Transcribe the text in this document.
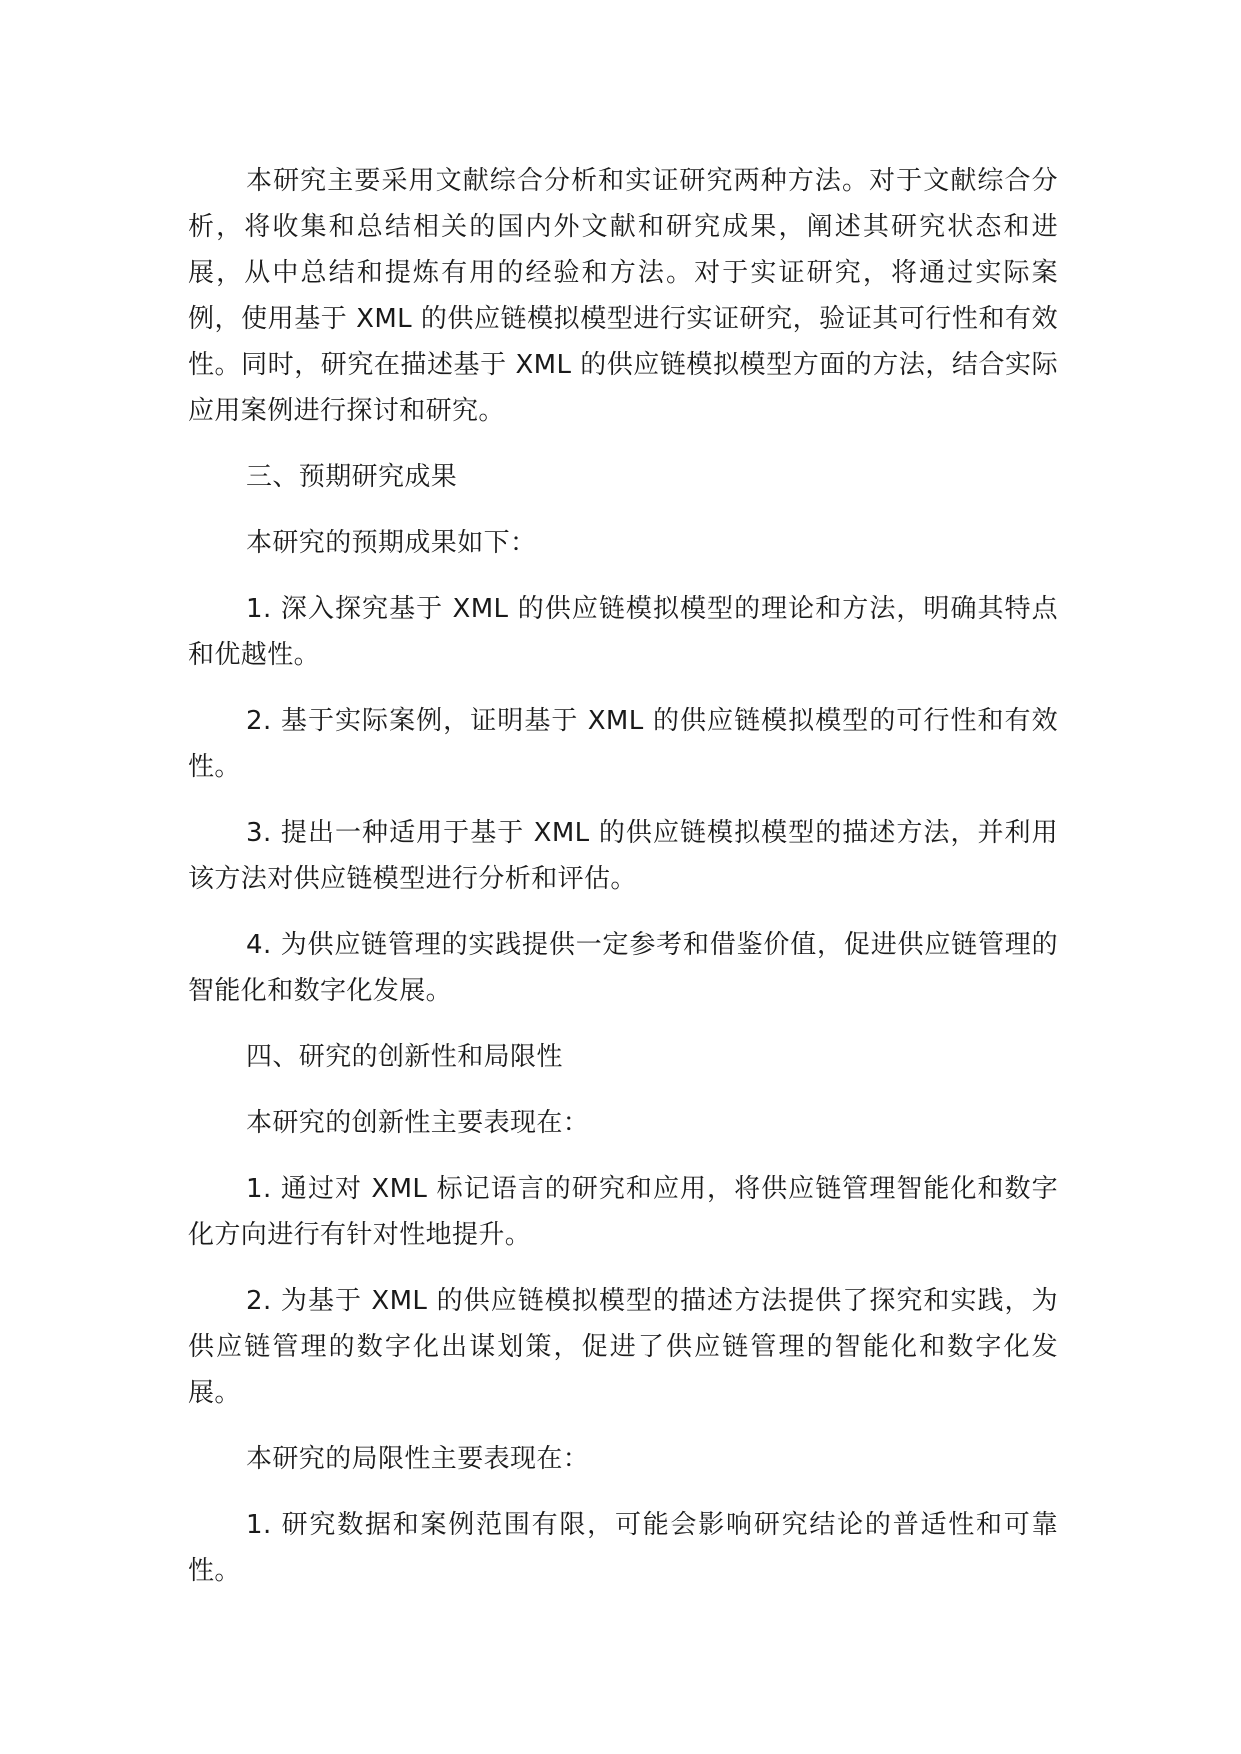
本研究主要采用文献综合分析和实证研究两种方法。对于文献综合分析，将收集和总结相关的国内外文献和研究成果，阐述其研究状态和进展，从中总结和提炼有用的经验和方法。对于实证研究，将通过实际案例，使用基于 XML 的供应链模拟模型进行实证研究，验证其可行性和有效性。同时，研究在描述基于 XML 的供应链模拟模型方面的方法，结合实际应用案例进行探讨和研究。

三、预期研究成果

本研究的预期成果如下：

1. 深入探究基于 XML 的供应链模拟模型的理论和方法，明确其特点和优越性。

2. 基于实际案例，证明基于 XML 的供应链模拟模型的可行性和有效性。

3. 提出一种适用于基于 XML 的供应链模拟模型的描述方法，并利用该方法对供应链模型进行分析和评估。

4. 为供应链管理的实践提供一定参考和借鉴价值，促进供应链管理的智能化和数字化发展。

四、研究的创新性和局限性

本研究的创新性主要表现在：

1. 通过对 XML 标记语言的研究和应用，将供应链管理智能化和数字化方向进行有针对性地提升。

2. 为基于 XML 的供应链模拟模型的描述方法提供了探究和实践，为供应链管理的数字化出谋划策，促进了供应链管理的智能化和数字化发展。

本研究的局限性主要表现在：

1. 研究数据和案例范围有限，可能会影响研究结论的普适性和可靠性。
